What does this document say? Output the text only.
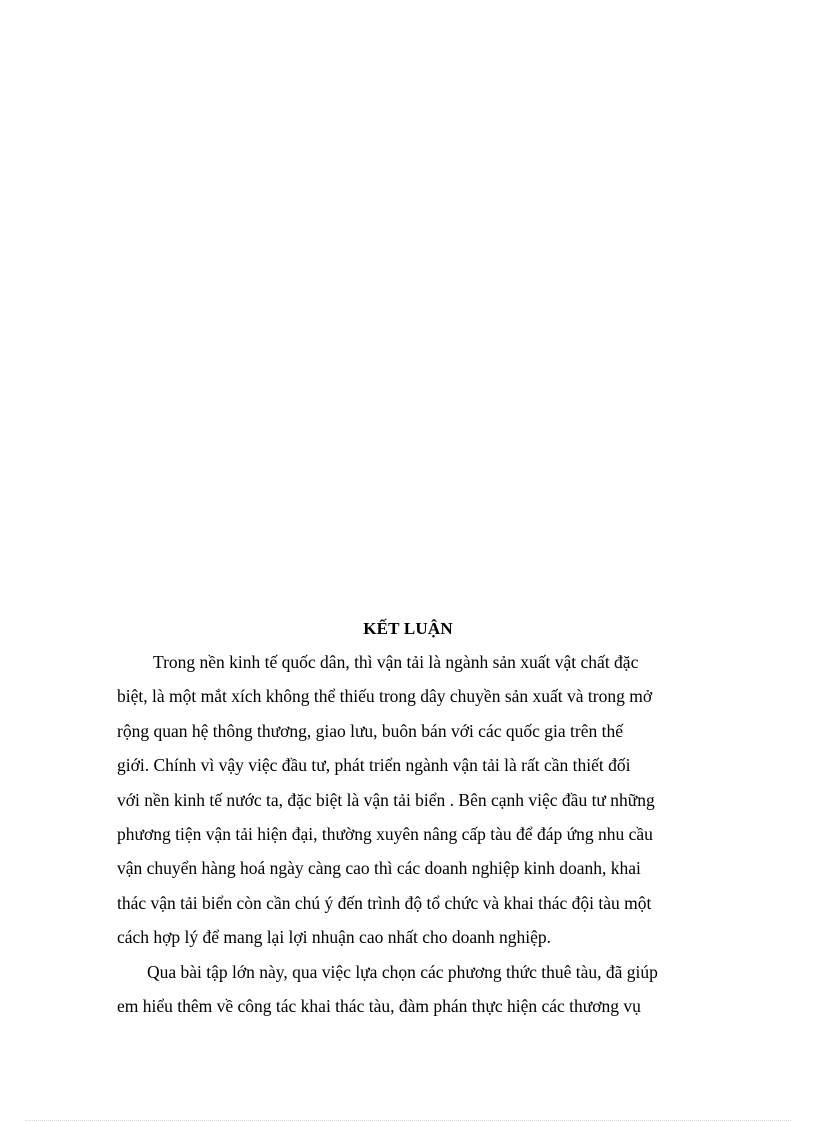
KẾT LUẬN

Trong nền kinh tế quốc dân, thì vận tải là ngành sản xuất vật chất đặc
biệt, là một mắt xích không thể thiếu trong dây chuyền sản xuất và trong mở
rộng quan hệ thông thương, giao lưu, buôn bán với các quốc gia trên thế
giới. Chính vì vậy việc đầu tư, phát triển ngành vận tải là rất cần thiết đối
với nền kinh tế nước ta, đặc biệt là vận tải biển . Bên cạnh việc đầu tư những
phương tiện vận tải hiện đại, thường xuyên nâng cấp tàu để đáp ứng nhu cầu
vận chuyển hàng hoá ngày càng cao thì các doanh nghiệp kinh doanh, khai
thác vận tải biển còn cần chú ý đến trình độ tổ chức và khai thác đội tàu một
cách hợp lý để mang lại lợi nhuận cao nhất cho doanh nghiệp.

Qua bài tập lớn này, qua việc lựa chọn các phương thức thuê tàu, đã giúp
em hiểu thêm về công tác khai thác tàu, đàm phán thực hiện các thương vụ
